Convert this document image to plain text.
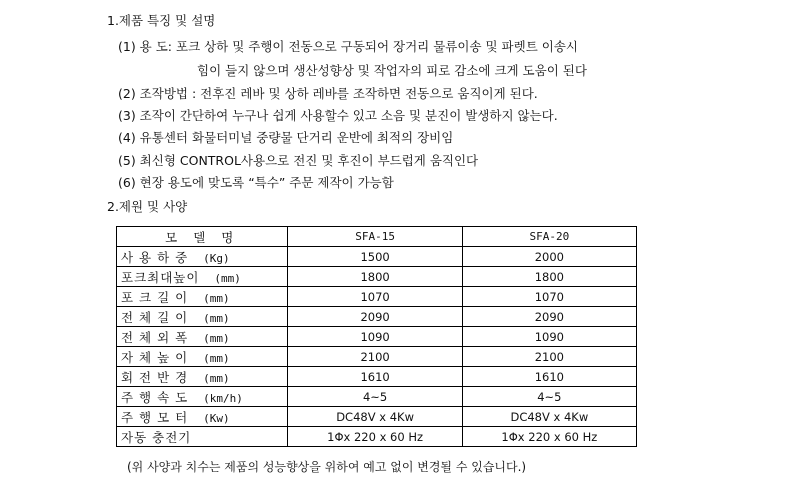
1.제품 특징 및 설명
(1) 용 도: 포크 상하 및 주행이 전동으로 구동되어 장거리 물류이송 및 파렛트 이송시
힘이 들지 않으며 생산성향상 및 작업자의 피로 감소에 크게 도움이 된다
(2) 조작방법 : 전후진 레바 및 상하 레바를 조작하면 전동으로 움직이게 된다.
(3) 조작이 간단하여 누구나 쉽게 사용할수 있고 소음 및 분진이 발생하지 않는다.
(4) 유통센터 화물터미널 중량물 단거리 운반에 최적의 장비임
(5) 최신형 CONTROL사용으로 전진 및 후진이 부드럽게 움직인다
(6) 현장 용도에 맞도록 “특수” 주문 제작이 가능함
2.제원 및 사양
모 델 명	SFA-15	SFA-20
사 용 하 중 (Kg)	1500	2000
포크최대높이 (mm)	1800	1800
포 크 길 이 (mm)	1070	1070
전 체 길 이 (mm)	2090	2090
전 체 외 폭 (mm)	1090	1090
자 체 높 이 (mm)	2100	2100
회 전 반 경 (mm)	1610	1610
주 행 속 도 (km/h)	4~5	4~5
주 행 모 터 (Kw)	DC48V x 4Kw	DC48V x 4Kw
자동 충전기	1Φx 220 x 60 Hz	1Φx 220 x 60 Hz
(위 사양과 치수는 제품의 성능향상을 위하여 예고 없이 변경될 수 있습니다.)
